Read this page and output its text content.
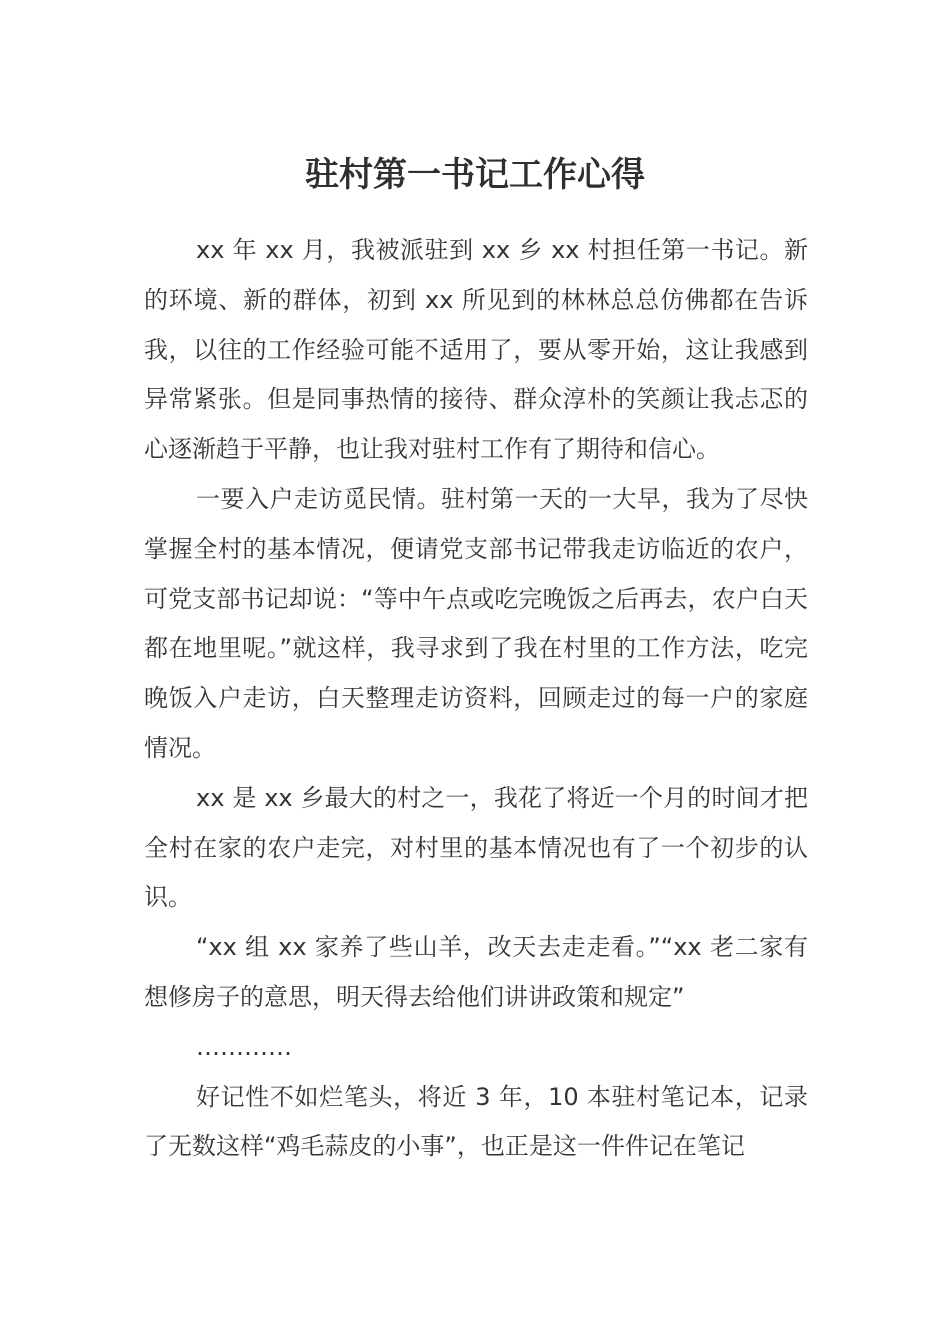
驻村第一书记工作心得

xx 年 xx 月，我被派驻到 xx 乡 xx 村担任第一书记。新的环境、新的群体，初到 xx 所见到的林林总总仿佛都在告诉我，以往的工作经验可能不适用了，要从零开始，这让我感到异常紧张。但是同事热情的接待、群众淳朴的笑颜让我忐忑的心逐渐趋于平静，也让我对驻村工作有了期待和信心。

一要入户走访觅民情。驻村第一天的一大早，我为了尽快掌握全村的基本情况，便请党支部书记带我走访临近的农户，可党支部书记却说：“等中午点或吃完晚饭之后再去，农户白天都在地里呢。”就这样，我寻求到了我在村里的工作方法，吃完晚饭入户走访，白天整理走访资料，回顾走过的每一户的家庭情况。

xx 是 xx 乡最大的村之一，我花了将近一个月的时间才把全村在家的农户走完，对村里的基本情况也有了一个初步的认识。

“xx 组 xx 家养了些山羊，改天去走走看。”“xx 老二家有想修房子的意思，明天得去给他们讲讲政策和规定”

…………

好记性不如烂笔头，将近 3 年，10 本驻村笔记本，记录了无数这样“鸡毛蒜皮的小事”，也正是这一件件记在笔记
